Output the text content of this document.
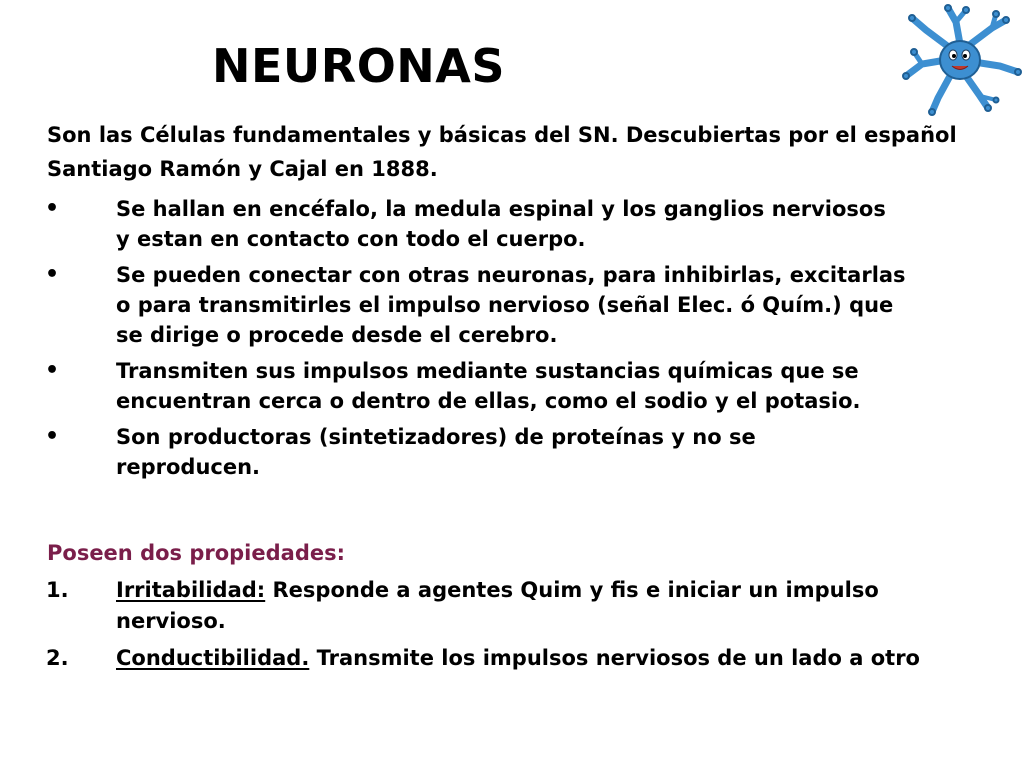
NEURONAS

Son las Células fundamentales y básicas del SN. Descubiertas por el español Santiago Ramón y Cajal en 1888.

•	Se hallan en encéfalo, la medula espinal y los ganglios nerviosos y estan en contacto con todo el cuerpo.
•	Se pueden conectar con otras neuronas, para inhibirlas, excitarlas o para transmitirles el impulso nervioso (señal Elec. ó Quím.) que se dirige o procede desde el cerebro.
•	Transmiten sus impulsos mediante sustancias químicas que se encuentran cerca o dentro de ellas, como el sodio y el potasio.
•	Son productoras (sintetizadores) de proteínas y no se reproducen.

Poseen dos propiedades:

1. Irritabilidad: Responde a agentes Quim y fis e iniciar un impulso nervioso.
2. Conductibilidad. Transmite los impulsos nerviosos de un lado a otro
